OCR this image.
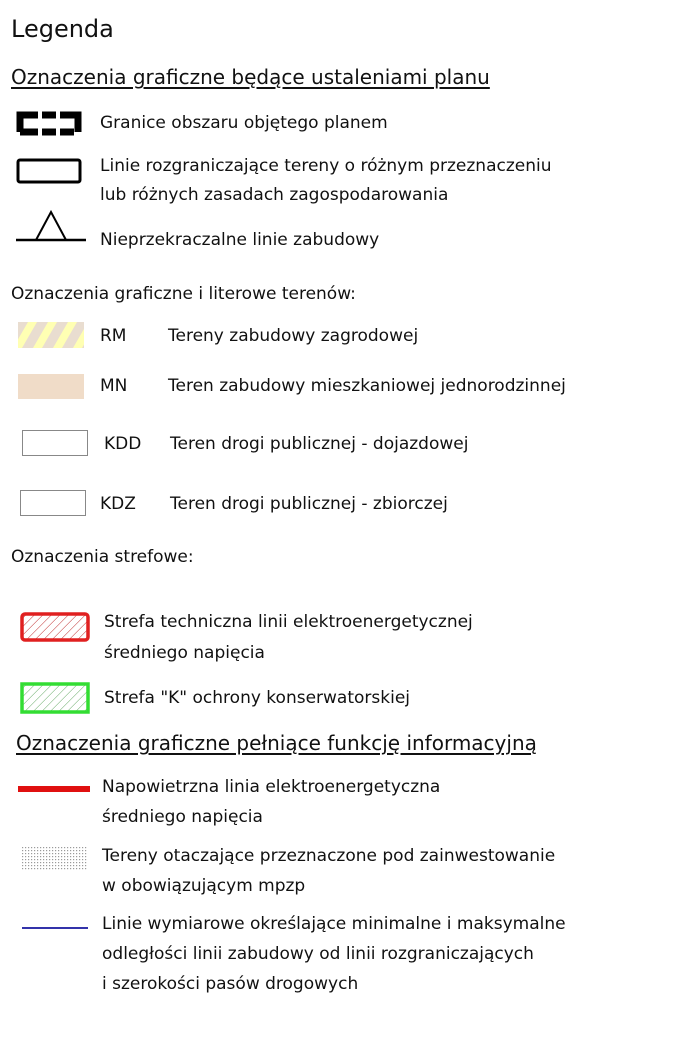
Legenda
Oznaczenia graficzne będące ustaleniami planu
Granice obszaru objętego planem
Linie rozgraniczające tereny o różnym przeznaczeniu
lub różnych zasadach zagospodarowania
Nieprzekraczalne linie zabudowy
Oznaczenia graficzne i literowe terenów:
RM Tereny zabudowy zagrodowej
MN Teren zabudowy mieszkaniowej jednorodzinnej
KDD Teren drogi publicznej - dojazdowej
KDZ Teren drogi publicznej - zbiorczej
Oznaczenia strefowe:
Strefa techniczna linii elektroenergetycznej
średniego napięcia
Strefa "K" ochrony konserwatorskiej
Oznaczenia graficzne pełniące funkcję informacyjną
Napowietrzna linia elektroenergetyczna
średniego napięcia
Tereny otaczające przeznaczone pod zainwestowanie
w obowiązującym mpzp
Linie wymiarowe określające minimalne i maksymalne
odległości linii zabudowy od linii rozgraniczających
i szerokości pasów drogowych
